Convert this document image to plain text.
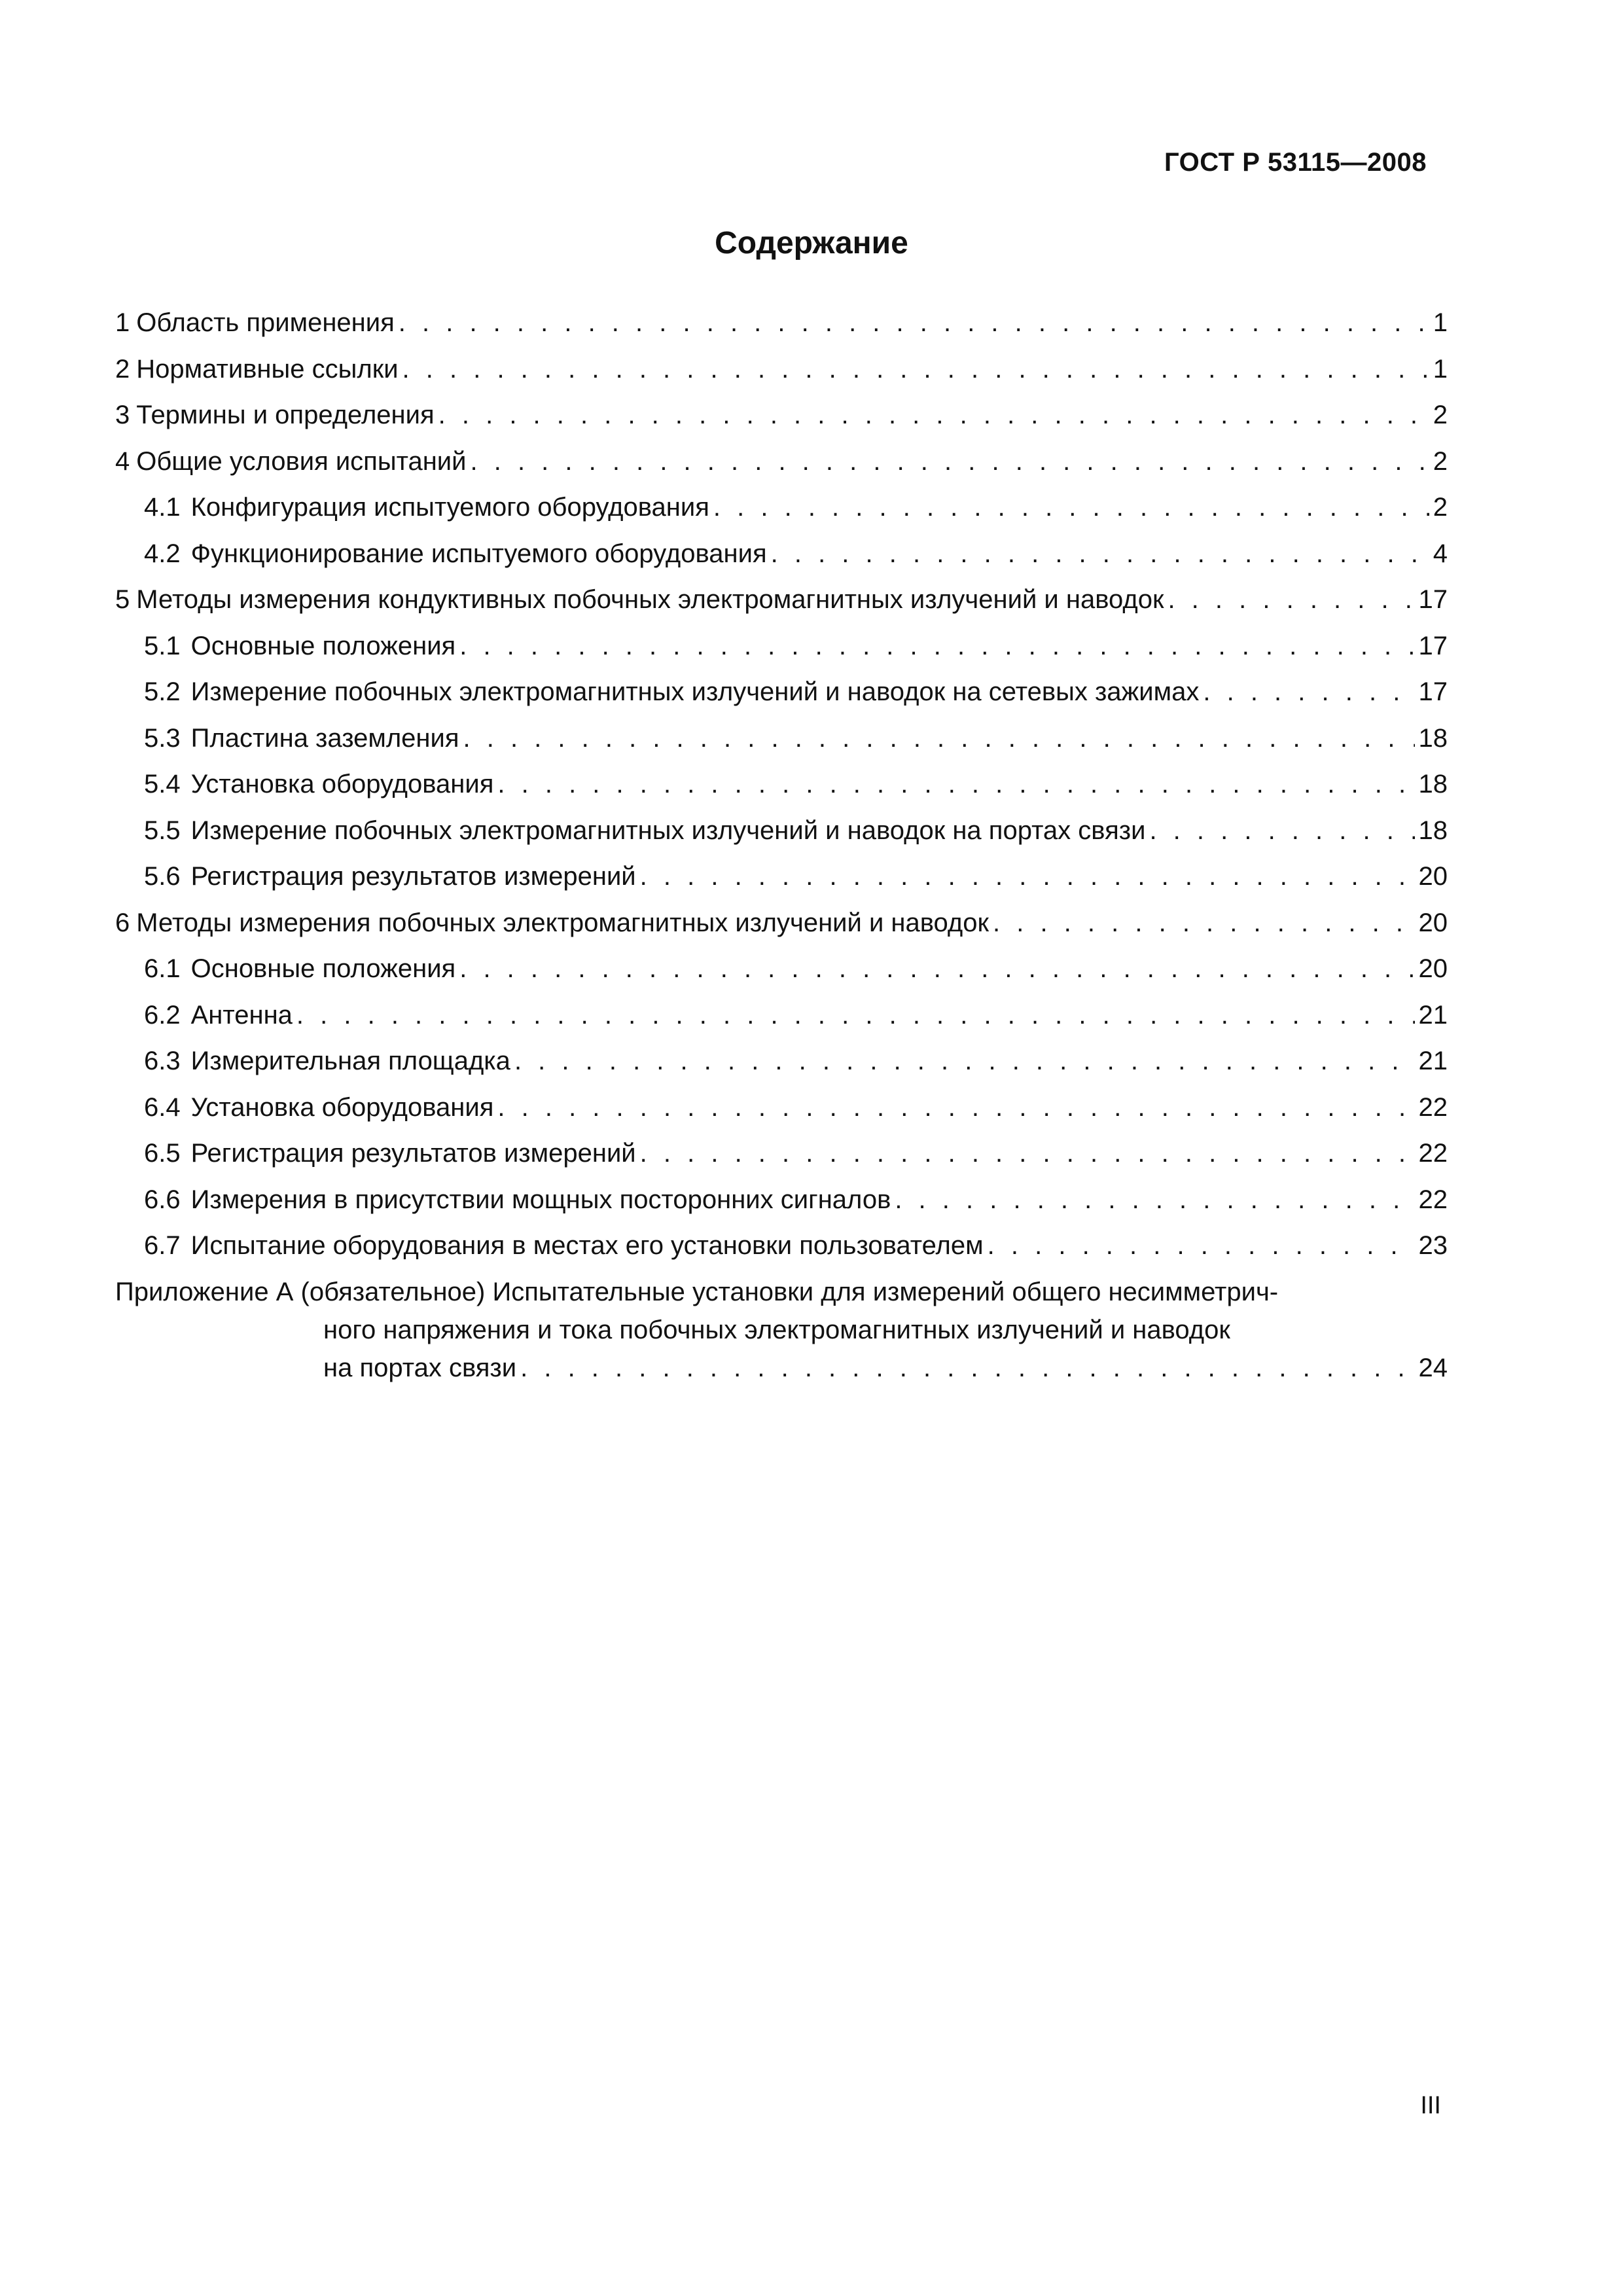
ГОСТ Р 53115—2008
Содержание
1 Область применения . . .	1
2 Нормативные ссылки . . .	1
3 Термины и определения . . .	2
4 Общие условия испытаний . . .	2
4.1 Конфигурация испытуемого оборудования . . .	2
4.2 Функционирование испытуемого оборудования . . .	4
5 Методы измерения кондуктивных побочных электромагнитных излучений и наводок . . .	17
5.1 Основные положения . . .	17
5.2 Измерение побочных электромагнитных излучений и наводок на сетевых зажимах . . .	17
5.3 Пластина заземления . . .	18
5.4 Установка оборудования . . .	18
5.5 Измерение побочных электромагнитных излучений и наводок на портах связи . . .	18
5.6 Регистрация результатов измерений . . .	20
6 Методы измерения побочных электромагнитных излучений и наводок . . .	20
6.1 Основные положения . . .	20
6.2 Антенна . . .	21
6.3 Измерительная площадка . . .	21
6.4 Установка оборудования . . .	22
6.5 Регистрация результатов измерений . . .	22
6.6 Измерения в присутствии мощных посторонних сигналов . . .	22
6.7 Испытание оборудования в местах его установки пользователем . . .	23
Приложение А (обязательное) Испытательные установки для измерений общего несимметрич-
ного напряжения и тока побочных электромагнитных излучений и наводок
на портах связи . . .	24
III
